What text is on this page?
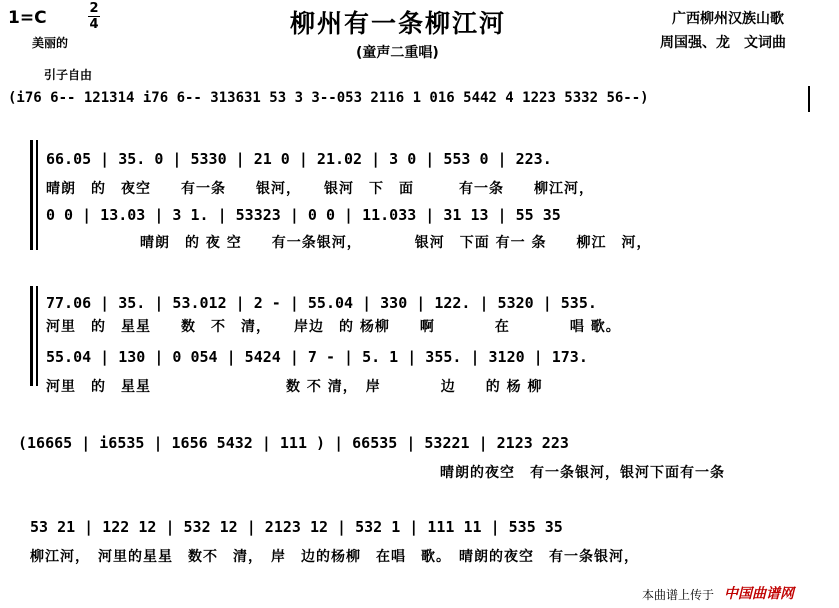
1=C	2
4
美丽的
柳州有一条柳江河
(童声二重唱)
广西柳州汉族山歌
周国强、龙　文词曲
引子自由
(i76 6-- 121314 i76 6-- 313631 53 3 3--053 2116 1 016 5442 4 1223 5332 56--)
66.05 | 35. 0 | 5330 | 21 0 | 21.02 | 3 0 | 553 0 | 223.
晴朗　的　夜空　　有一条　　银河，　　银河　下　面　　　有一条　　柳江河，
0 0 | 13.03 | 3 1. | 53323 | 0 0 | 11.033 | 31 13 | 55 35
晴朗　的 夜 空　　有一条银河，　　　　银河　下面 有一 条　　柳江　河，
77.06 | 35. | 53.012 | 2 - | 55.04 | 330 | 122. | 5320 | 535.
河里　的　星星　　数　不　清，　　岸边　的 杨柳　　啊　　　　在　　　　唱 歌。
55.04 | 130 | 0 054 | 5424 | 7 - | 5. 1 | 355. | 3120 | 173.
河里　的　星星　　　　　　　　　数 不 清，　岸　　　　边　　的 杨 柳
(16665 | i6535 | 1656 5432 | 111 ) | 66535 | 53221 | 2123 223
晴朗的夜空　有一条银河，银河下面有一条
53 21 | 122 12 | 532 12 | 2123 12 | 532 1 | 111 11 | 535 35
柳江河，　河里的星星　数不　清，　岸　边的杨柳　在唱　歌。　晴朗的夜空　有一条银河，
本曲谱上传于 中国曲谱网
